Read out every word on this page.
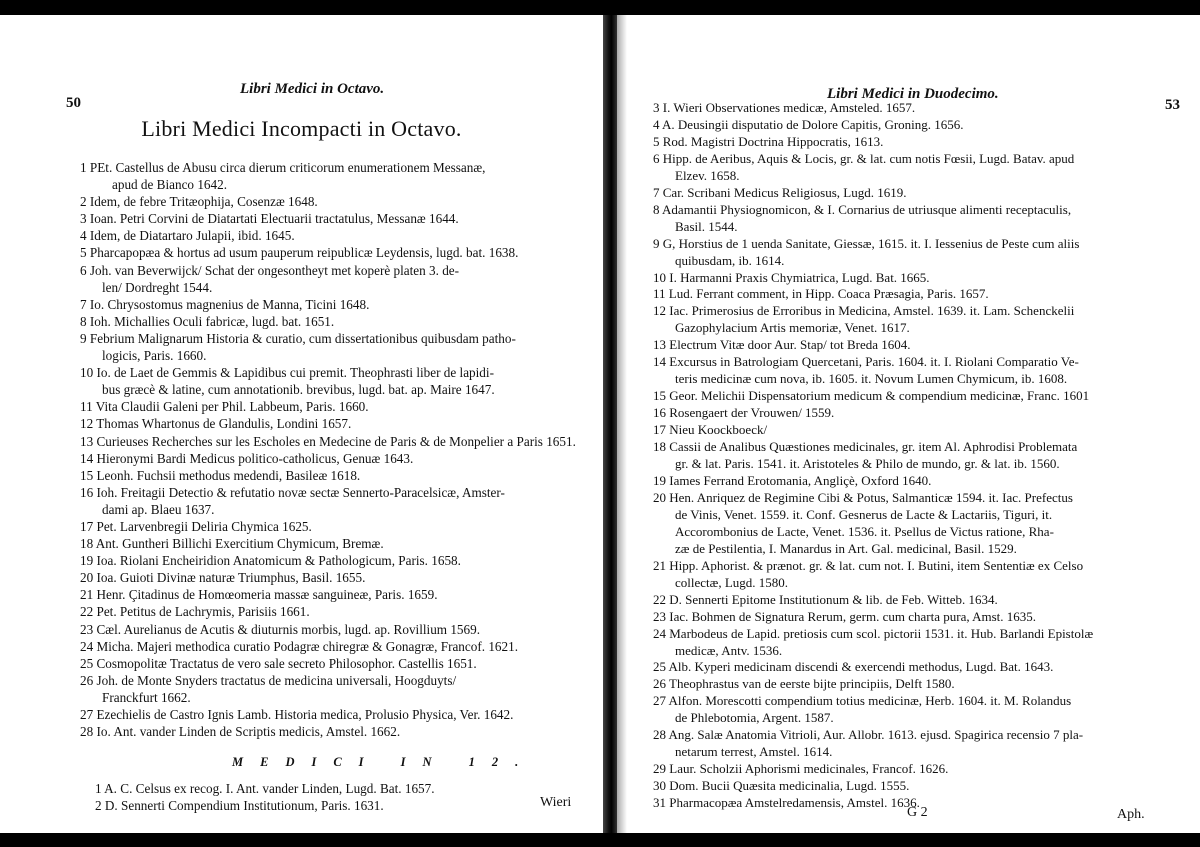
50
Libri Medici in Octavo.
Libri Medici Incompacti in Octavo.
1 PEt. Castellus de Abusu circa dierum criticorum enumerationem Messanæ,
apud de Bianco 1642.
2 Idem, de febre Tritæophija, Cosenzæ 1648.
3 Ioan. Petri Corvini de Diatartati Electuarii tractatulus, Messanæ 1644.
4 Idem, de Diatartaro Julapii, ibid. 1645.
5 Pharcapopæa & hortus ad usum pauperum reipublicæ Leydensis, lugd. bat. 1638.
6 Joh. van Beverwijck/ Schat der ongesontheyt met koperè platen 3. de-
len/ Dordreght 1544.
7 Io. Chrysostomus magnenius de Manna, Ticini 1648.
8 Ioh. Michallies Oculi fabricæ, lugd. bat. 1651.
9 Febrium Malignarum Historia & curatio, cum dissertationibus quibusdam patho-
logicis, Paris. 1660.
10 Io. de Laet de Gemmis & Lapidibus cui premit. Theophrasti liber de lapidi-
bus græcè & latine, cum annotationib. brevibus, lugd. bat. ap. Maire 1647.
11 Vita Claudii Galeni per Phil. Labbeum, Paris. 1660.
12 Thomas Whartonus de Glandulis, Londini 1657.
13 Curieuses Recherches sur les Escholes en Medecine de Paris & de Monpelier a Paris 1651.
14 Hieronymi Bardi Medicus politico-catholicus, Genuæ 1643.
15 Leonh. Fuchsii methodus medendi, Basileæ 1618.
16 Ioh. Freitagii Detectio & refutatio novæ sectæ Sennerto-Paracelsicæ, Amster-
dami ap. Blaeu 1637.
17 Pet. Larvenbregii Deliria Chymica 1625.
18 Ant. Guntheri Billichi Exercitium Chymicum, Bremæ.
19 Ioa. Riolani Encheiridion Anatomicum & Pathologicum, Paris. 1658.
20 Ioa. Guioti Divinæ naturæ Triumphus, Basil. 1655.
21 Henr. Çitadinus de Homœomeria massæ sanguineæ, Paris. 1659.
22 Pet. Petitus de Lachrymis, Parisiis 1661.
23 Cæl. Aurelianus de Acutis & diuturnis morbis, lugd. ap. Rovillium 1569.
24 Micha. Majeri methodica curatio Podagræ chiregræ & Gonagræ, Francof. 1621.
25 Cosmopolitæ Tractatus de vero sale secreto Philosophor. Castellis 1651.
26 Joh. de Monte Snyders tractatus de medicina universali, Hoogduyts/
Franckfurt 1662.
27 Ezechielis de Castro Ignis Lamb. Historia medica, Prolusio Physica, Ver. 1642.
28 Io. Ant. vander Linden de Scriptis medicis, Amstel. 1662.
MEDICI IN 12.
1 A. C. Celsus ex recog. I. Ant. vander Linden, Lugd. Bat. 1657.
2 D. Sennerti Compendium Institutionum, Paris. 1631.	Wieri
Libri Medici in Duodecimo.
53
3 I. Wieri Observationes medicæ, Amsteled. 1657.
4 A. Deusingii disputatio de Dolore Capitis, Groning. 1656.
5 Rod. Magistri Doctrina Hippocratis, 1613.
6 Hipp. de Aeribus, Aquis & Locis, gr. & lat. cum notis Fœsii, Lugd. Batav. apud
Elzev. 1658.
7 Car. Scribani Medicus Religiosus, Lugd. 1619.
8 Adamantii Physiognomicon, & I. Cornarius de utriusque alimenti receptaculis,
Basil. 1544.
9 G, Horstius de 1 uenda Sanitate, Giessæ, 1615. it. I. Iessenius de Peste cum aliis
quibusdam, ib. 1614.
10 I. Harmanni Praxis Chymiatrica, Lugd. Bat. 1665.
11 Lud. Ferrant comment, in Hipp. Coaca Præsagia, Paris. 1657.
12 Iac. Primerosius de Erroribus in Medicina, Amstel. 1639. it. Lam. Schenckelii
Gazophylacium Artis memoriæ, Venet. 1617.
13 Electrum Vitæ door Aur. Stap/ tot Breda 1604.
14 Excursus in Batrologiam Quercetani, Paris. 1604. it. I. Riolani Comparatio Ve-
teris medicinæ cum nova, ib. 1605. it. Novum Lumen Chymicum, ib. 1608.
15 Geor. Melichii Dispensatorium medicum & compendium medicinæ, Franc. 1601
16 Rosengaert der Vrouwen/ 1559.
17 Nieu Koockboeck/
18 Cassii de Analibus Quæstiones medicinales, gr. item Al. Aphrodisi Problemata
gr. & lat. Paris. 1541. it. Aristoteles & Philo de mundo, gr. & lat. ib. 1560.
19 Iames Ferrand Erotomania, Angliçè, Oxford 1640.
20 Hen. Anriquez de Regimine Cibi & Potus, Salmanticæ 1594. it. Iac. Prefectus
de Vinis, Venet. 1559. it. Conf. Gesnerus de Lacte & Lactariis, Tiguri, it.
Accorombonius de Lacte, Venet. 1536. it. Psellus de Victus ratione, Rha-
zæ de Pestilentia, I. Manardus in Art. Gal. medicinal, Basil. 1529.
21 Hipp. Aphorist. & prænot. gr. & lat. cum not. I. Butini, item Sententiæ ex Celso
collectæ, Lugd. 1580.
22 D. Sennerti Epitome Institutionum & lib. de Feb. Witteb. 1634.
23 Iac. Bohmen de Signatura Rerum, germ. cum charta pura, Amst. 1635.
24 Marbodeus de Lapid. pretiosis cum scol. pictorii 1531. it. Hub. Barlandi Epistolæ
medicæ, Antv. 1536.
25 Alb. Kyperi medicinam discendi & exercendi methodus, Lugd. Bat. 1643.
26 Theophrastus van de eerste bijte principiis, Delft 1580.
27 Alfon. Morescotti compendium totius medicinæ, Herb. 1604. it. M. Rolandus
de Phlebotomia, Argent. 1587.
28 Ang. Salæ Anatomia Vitrioli, Aur. Allobr. 1613. ejusd. Spagirica recensio 7 pla-
netarum terrest, Amstel. 1614.
29 Laur. Scholzii Aphorismi medicinales, Francof. 1626.
30 Dom. Bucii Quæsita medicinalia, Lugd. 1555.
31 Pharmacopæa Amstelredamensis, Amstel. 1636.
G 2	Aph.
